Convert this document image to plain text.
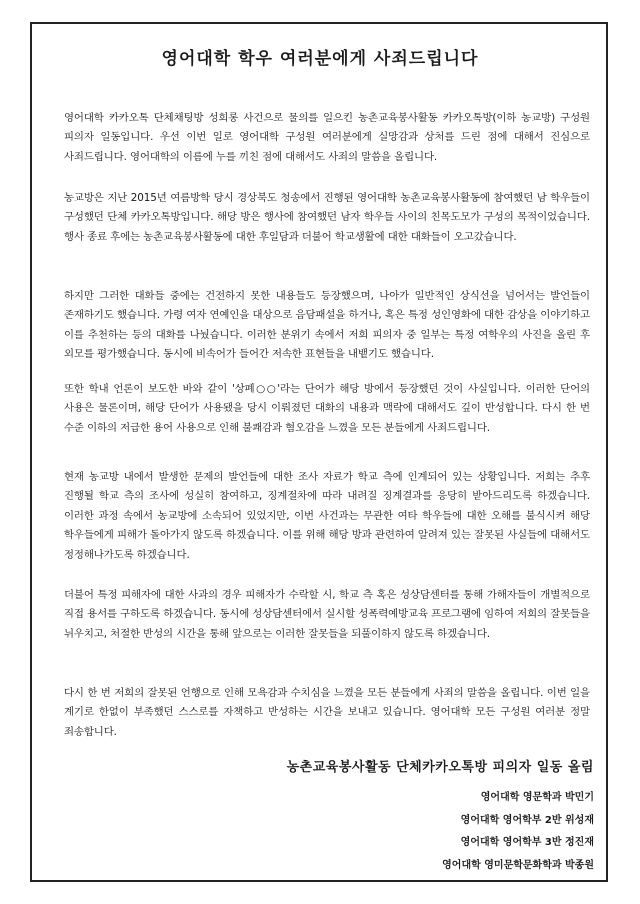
영어대학 학우 여러분에게 사죄드립니다
영어대학 카카오톡 단체채팅방 성희롱 사건으로 물의를 일으킨 농촌교육봉사활동 카카오톡방(이하 농교방) 구성원 피의자 일동입니다. 우선 이번 일로 영어대학 구성원 여러분에게 실망감과 상처를 드린 점에 대해서 진심으로 사죄드립니다. 영어대학의 이름에 누를 끼친 점에 대해서도 사죄의 말씀을 올립니다.
농교방은 지난 2015년 여름방학 당시 경상북도 청송에서 진행된 영어대학 농촌교육봉사활동에 참여했던 남 학우들이 구성했던 단체 카카오톡방입니다. 해당 방은 행사에 참여했던 남자 학우들 사이의 친목도모가 구성의 목적이었습니다. 행사 종료 후에는 농촌교육봉사활동에 대한 후일담과 더불어 학교생활에 대한 대화들이 오고갔습니다.
하지만 그러한 대화들 중에는 건전하지 못한 내용들도 등장했으며, 나아가 일반적인 상식선을 넘어서는 발언들이 존재하기도 했습니다. 가령 여자 연예인을 대상으로 음담패설을 하거나, 혹은 특정 성인영화에 대한 감상을 이야기하고 이를 추천하는 등의 대화를 나눴습니다. 이러한 분위기 속에서 저희 피의자 중 일부는 특정 여학우의 사진을 올린 후 외모를 평가했습니다. 동시에 비속어가 들어간 저속한 표현들을 내뱉기도 했습니다.
또한 학내 언론이 보도한 바와 같이 '상폐○○'라는 단어가 해당 방에서 등장했던 것이 사실입니다. 이러한 단어의 사용은 물론이며, 해당 단어가 사용됐을 당시 이뤄졌던 대화의 내용과 맥락에 대해서도 깊이 반성합니다. 다시 한 번 수준 이하의 저급한 용어 사용으로 인해 불쾌감과 혐오감을 느꼈을 모든 분들에게 사죄드립니다.
현재 농교방 내에서 발생한 문제의 발언들에 대한 조사 자료가 학교 측에 인계되어 있는 상황입니다. 저희는 추후 진행될 학교 측의 조사에 성실히 참여하고, 징계절차에 따라 내려질 징계결과를 응당히 받아드리도록 하겠습니다. 이러한 과정 속에서 농교방에 소속되어 있었지만, 이번 사건과는 무관한 여타 학우들에 대한 오해를 불식시켜 해당 학우들에게 피해가 돌아가지 않도록 하겠습니다. 이를 위해 해당 방과 관련하여 알려져 있는 잘못된 사실들에 대해서도 정정해나가도록 하겠습니다.
더불어 특정 피해자에 대한 사과의 경우 피해자가 수락할 시, 학교 측 혹은 성상담센터를 통해 가해자들이 개별적으로 직접 용서를 구하도록 하겠습니다. 동시에 성상담센터에서 실시할 성폭력예방교육 프로그램에 임하여 저희의 잘못들을 뉘우치고, 처절한 반성의 시간을 통해 앞으로는 이러한 잘못들을 되풀이하지 않도록 하겠습니다.
다시 한 번 저희의 잘못된 언행으로 인해 모욕감과 수치심을 느꼈을 모든 분들에게 사죄의 말씀을 올립니다. 이번 일을 계기로 한없이 부족했던 스스로를 자책하고 반성하는 시간을 보내고 있습니다. 영어대학 모든 구성원 여러분 정말 죄송합니다.
농촌교육봉사활동 단체카카오톡방 피의자 일동 올림
영어대학 영문학과 박민기
영어대학 영어학부 2반 위성재
영어대학 영어학부 3반 정진재
영어대학 영미문학문화학과 박종원
